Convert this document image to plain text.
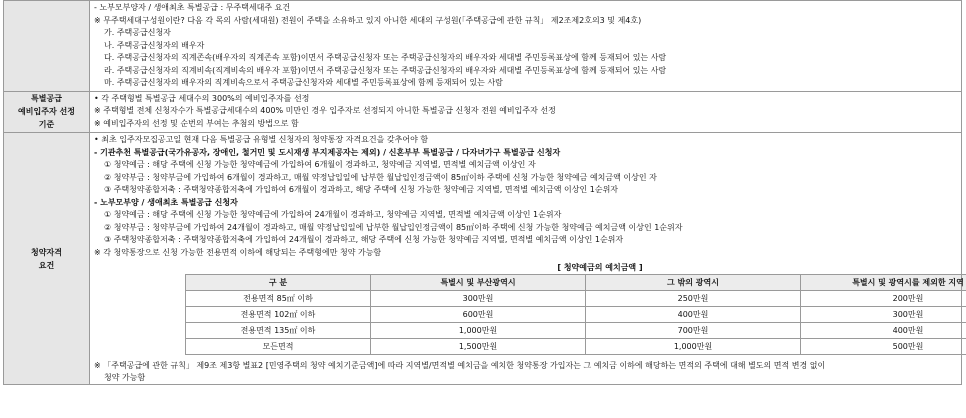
- 노부모부양자 / 생애최초 특별공급 : 무주택세대주 요건
※ 무주택세대구성원이란? 다음 각 목의 사람(세대원) 전원이 주택을 소유하고 있지 아니한 세대의 구성원(「주택공급에 관한 규칙」 제2조제2호의3 및 제4호)
가. 주택공급신청자
나. 주택공급신청자의 배우자
다. 주택공급신청자의 직계존속(배우자의 직계존속 포함)이면서 주택공급신청자 또는 주택공급신청자의 배우자와 세대별 주민등록표상에 함께 등재되어 있는 사람
라. 주택공급신청자의 직계비속(직계비속의 배우자 포함)이면서 주택공급신청자 또는 주택공급신청자의 배우자와 세대별 주민등록표상에 함께 등재되어 있는 사람
마. 주택공급신청자의 배우자의 직계비속으로서 주택공급신청자와 세대별 주민등록표상에 함께 등재되어 있는 사람

특별공급
예비입주자 선정
기준

• 각 주택형별 특별공급 세대수의 300%의 예비입주자를 선정
※ 주택형별 전체 신청자수가 특별공급세대수의 400% 미만인 경우 입주자로 선정되지 아니한 특별공급 신청자 전원 예비입주자 선정
※ 예비입주자의 선정 및 순번의 부여는 추첨의 방법으로 함

청약자격
요건

• 최초 입주자모집공고일 현재 다음 특별공급 유형별 신청자의 청약통장 자격요건을 갖추어야 함
- 기관추천 특별공급(국가유공자, 장애인, 철거민 및 도시재생 부지제공자는 제외) / 신혼부부 특별공급 / 다자녀가구 특별공급 신청자
① 청약예금 : 해당 주택에 신청 가능한 청약예금에 가입하여 6개월이 경과하고, 청약예금 지역별, 면적별 예치금액 이상인 자
② 청약부금 : 청약부금에 가입하여 6개월이 경과하고, 매월 약정납입일에 납부한 월납입인정금액이 85㎡이하 주택에 신청 가능한 청약예금 예치금액 이상인 자
③ 주택청약종합저축 : 주택청약종합저축에 가입하여 6개월이 경과하고, 해당 주택에 신청 가능한 청약예금 지역별, 면적별 예치금액 이상인 1순위자
- 노부모부양 / 생애최초 특별공급 신청자
① 청약예금 : 해당 주택에 신청 가능한 청약예금에 가입하여 24개월이 경과하고, 청약예금 지역별, 면적별 예치금액 이상인 1순위자
② 청약부금 : 청약부금에 가입하여 24개월이 경과하고, 매월 약정납입일에 납부한 월납입인정금액이 85㎡이하 주택에 신청 가능한 청약예금 예치금액 이상인 1순위자
③ 주택청약종합저축 : 주택청약종합저축에 가입하여 24개월이 경과하고, 해당 주택에 신청 가능한 청약예금 지역별, 면적별 예치금액 이상인 1순위자
※ 각 청약통장으로 신청 가능한 전용면적 이하에 해당되는 주택형에만 청약 가능함
[ 청약예금의 예치금액 ]
구 분	특별시 및 부산광역시	그 밖의 광역시	특별시 및 광역시를 제외한 지역
전용면적 85㎡ 이하	300만원	250만원	200만원
전용면적 102㎡ 이하	600만원	400만원	300만원
전용면적 135㎡ 이하	1,000만원	700만원	400만원
모든면적	1,500만원	1,000만원	500만원
※ 「주택공급에 관한 규칙」 제9조 제3항 별표2 [민영주택의 청약 예치기준금액]에 따라 지역별/면적별 예치금을 예치한 청약통장 가입자는 그 예치금 이하에 해당하는 면적의 주택에 대해 별도의 면적 변경 없이
청약 가능함
